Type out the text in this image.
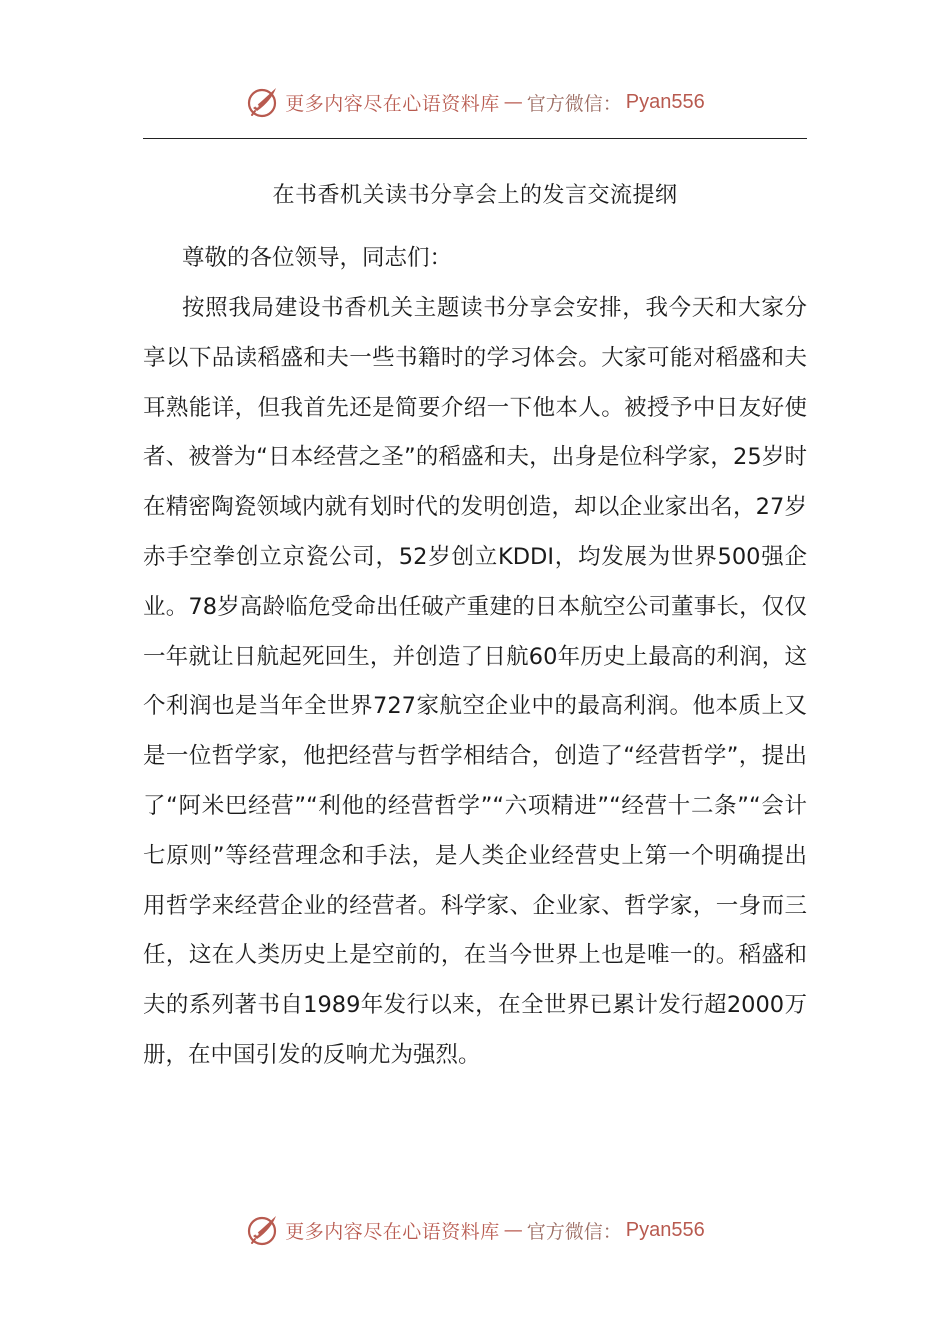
更多内容尽在心语资料库 — 官方微信： Pyan556
在书香机关读书分享会上的发言交流提纲
尊敬的各位领导，同志们：

按照我局建设书香机关主题读书分享会安排，我今天和大家分享以下品读稻盛和夫一些书籍时的学习体会。大家可能对稻盛和夫耳熟能详，但我首先还是简要介绍一下他本人。被授予中日友好使者、被誉为“日本经营之圣”的稻盛和夫，出身是位科学家，25岁时在精密陶瓷领域内就有划时代的发明创造，却以企业家出名，27岁赤手空拳创立京瓷公司，52岁创立KDDI，均发展为世界500强企业。78岁高龄临危受命出任破产重建的日本航空公司董事长，仅仅一年就让日航起死回生，并创造了日航60年历史上最高的利润，这个利润也是当年全世界727家航空企业中的最高利润。他本质上又是一位哲学家，他把经营与哲学相结合，创造了“经营哲学”，提出了“阿米巴经营”“利他的经营哲学”“六项精进”“经营十二条”“会计七原则”等经营理念和手法，是人类企业经营史上第一个明确提出用哲学来经营企业的经营者。科学家、企业家、哲学家，一身而三任，这在人类历史上是空前的，在当今世界上也是唯一的。稻盛和夫的系列著书自1989年发行以来，在全世界已累计发行超2000万册，在中国引发的反响尤为强烈。

更多内容尽在心语资料库 — 官方微信： Pyan556
